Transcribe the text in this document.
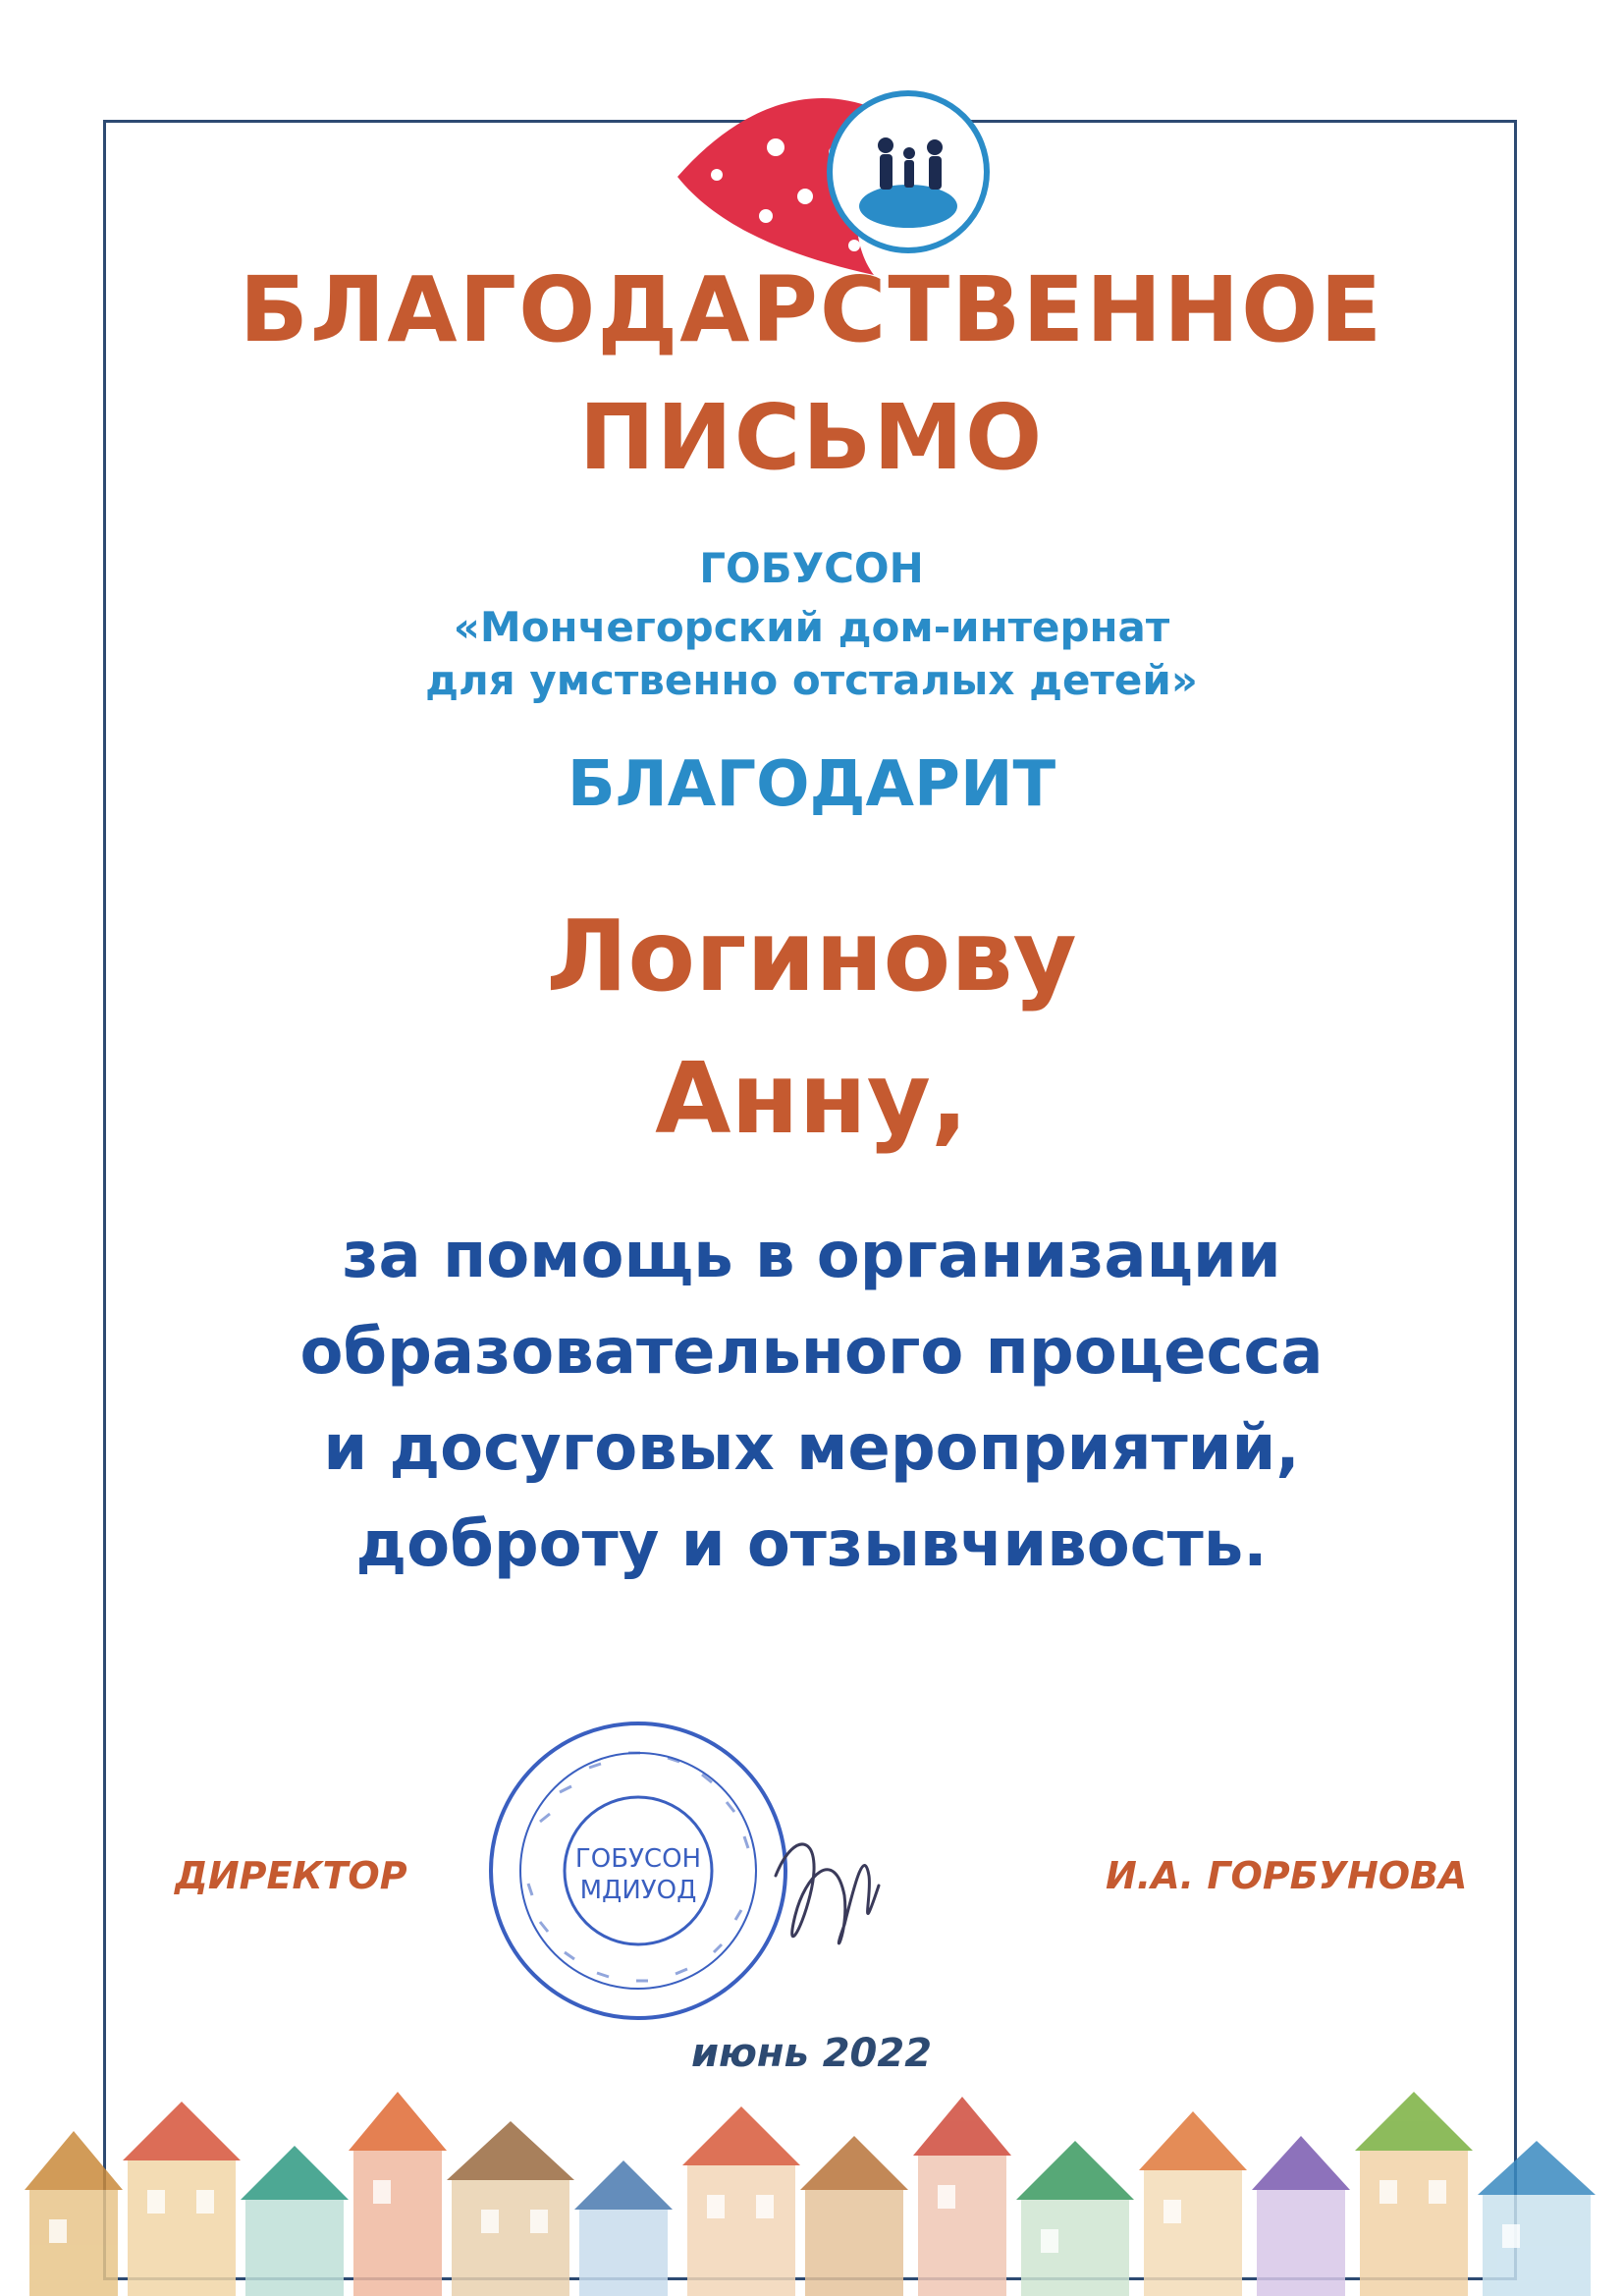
БЛАГОДАРСТВЕННОЕ
ПИСЬМО
ГОБУСОН
«Мончегорский дом-интернат
для умственно отсталых детей»
БЛАГОДАРИТ
Логинову
Анну,
за помощь в организации
образовательного процесса
и досуговых мероприятий,
доброту и отзывчивость.
ГОБУСОН
МДИУОД
ДИРЕКТОР	И.А. ГОРБУНОВА
июнь 2022
